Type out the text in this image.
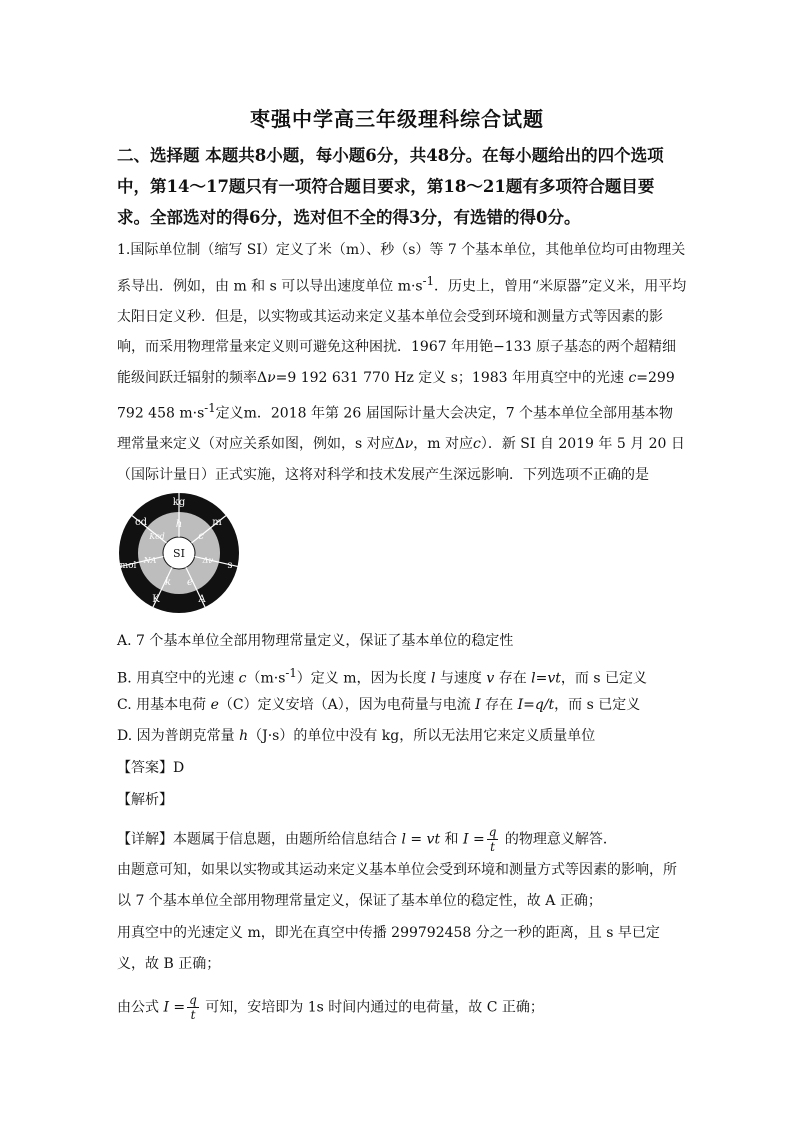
枣强中学高三年级理科综合试题
二、选择题 本题共8小题，每小题6分，共48分。在每小题给出的四个选项中，第14～17题只有一项符合题目要求，第18～21题有多项符合题目要求。全部选对的得6分，选对但不全的得3分，有选错的得0分。
1.国际单位制（缩写 SI）定义了米（m）、秒（s）等 7 个基本单位，其他单位均可由物理关系导出．例如，由 m 和 s 可以导出速度单位 $m\cdot s^{-1}$．历史上，曾用“米原器”定义米，用平均太阳日定义秒．但是，以实物或其运动来定义基本单位会受到环境和测量方式等因素的影响，而采用物理常量来定义则可避免这种困扰．1967 年用铯−133 原子基态的两个超精细能级间跃迁辐射的频率Δν=9 192 631 770 Hz 定义 s；1983 年用真空中的光速 c=299 792 458 $m\cdot s^{-1}$定义m．2018 年第 26 届国际计量大会决定，7 个基本单位全部用基本物理常量来定义（对应关系如图，例如，s 对应Δν，m 对应c）．新 SI 自 2019 年 5 月 20 日（国际计量日）正式实施，这将对科学和技术发展产生深远影响．下列选项不正确的是
SI
kg
m
s
A
K
mol
cd	h
c
Δν
e
k
NA
Kcd
A. 7 个基本单位全部用物理常量定义，保证了基本单位的稳定性
B. 用真空中的光速 $c(m\cdot s^{-1})$定义 m，因为长度 l 与速度 v 存在 l=vt，而 s 已定义
C. 用基本电荷 e（C）定义安培（A），因为电荷量与电流 I 存在 I=q/t，而 s 已定义
D. 因为普朗克常量 h（J·s）的单位中没有 kg，所以无法用它来定义质量单位
【答案】D
【解析】
【详解】本题属于信息题，由题所给信息结合 l = vt 和 $I = \frac{q}{t}$ 的物理意义解答．
由题意可知，如果以实物或其运动来定义基本单位会受到环境和测量方式等因素的影响，所以 7 个基本单位全部用物理常量定义，保证了基本单位的稳定性，故 A 正确；
用真空中的光速定义 m，即光在真空中传播 299792458 分之一秒的距离，且 s 早已定义，故 B 正确；
由公式 $I = \frac{q}{t}$ 可知，安培即为 1s 时间内通过的电荷量，故 C 正确；
